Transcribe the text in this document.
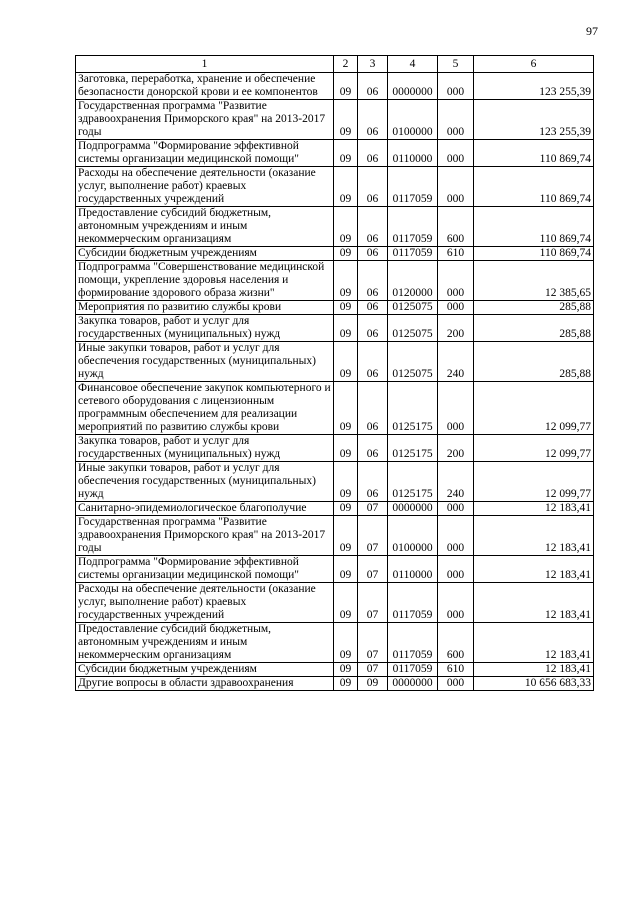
97
1	2	3	4	5	6
Заготовка, переработка, хранение и обеспечение безопасности донорской крови и ее компонентов	09	06	0000000	000	123 255,39
Государственная программа "Развитие здравоохранения Приморского края" на 2013-2017 годы	09	06	0100000	000	123 255,39
Подпрограмма "Формирование эффективной системы организации медицинской помощи"	09	06	0110000	000	110 869,74
Расходы на обеспечение деятельности (оказание услуг, выполнение работ) краевых государственных учреждений	09	06	0117059	000	110 869,74
Предоставление субсидий бюджетным, автономным учреждениям и иным некоммерческим организациям	09	06	0117059	600	110 869,74
Субсидии бюджетным учреждениям	09	06	0117059	610	110 869,74
Подпрограмма "Совершенствование медицинской помощи, укрепление здоровья населения и формирование здорового образа жизни"	09	06	0120000	000	12 385,65
Мероприятия по развитию службы крови	09	06	0125075	000	285,88
Закупка товаров, работ и услуг для государственных (муниципальных) нужд	09	06	0125075	200	285,88
Иные закупки товаров, работ и услуг для обеспечения государственных (муниципальных) нужд	09	06	0125075	240	285,88
Финансовое обеспечение закупок компьютерного и сетевого оборудования с лицензионным программным обеспечением для реализации мероприятий по развитию службы крови	09	06	0125175	000	12 099,77
Закупка товаров, работ и услуг для государственных (муниципальных) нужд	09	06	0125175	200	12 099,77
Иные закупки товаров, работ и услуг для обеспечения государственных (муниципальных) нужд	09	06	0125175	240	12 099,77
Санитарно-эпидемиологическое благополучие	09	07	0000000	000	12 183,41
Государственная программа "Развитие здравоохранения Приморского края" на 2013-2017 годы	09	07	0100000	000	12 183,41
Подпрограмма "Формирование эффективной системы организации медицинской помощи"	09	07	0110000	000	12 183,41
Расходы на обеспечение деятельности (оказание услуг, выполнение работ) краевых государственных учреждений	09	07	0117059	000	12 183,41
Предоставление субсидий бюджетным, автономным учреждениям и иным некоммерческим организациям	09	07	0117059	600	12 183,41
Субсидии бюджетным учреждениям	09	07	0117059	610	12 183,41
Другие вопросы в области здравоохранения	09	09	0000000	000	10 656 683,33
